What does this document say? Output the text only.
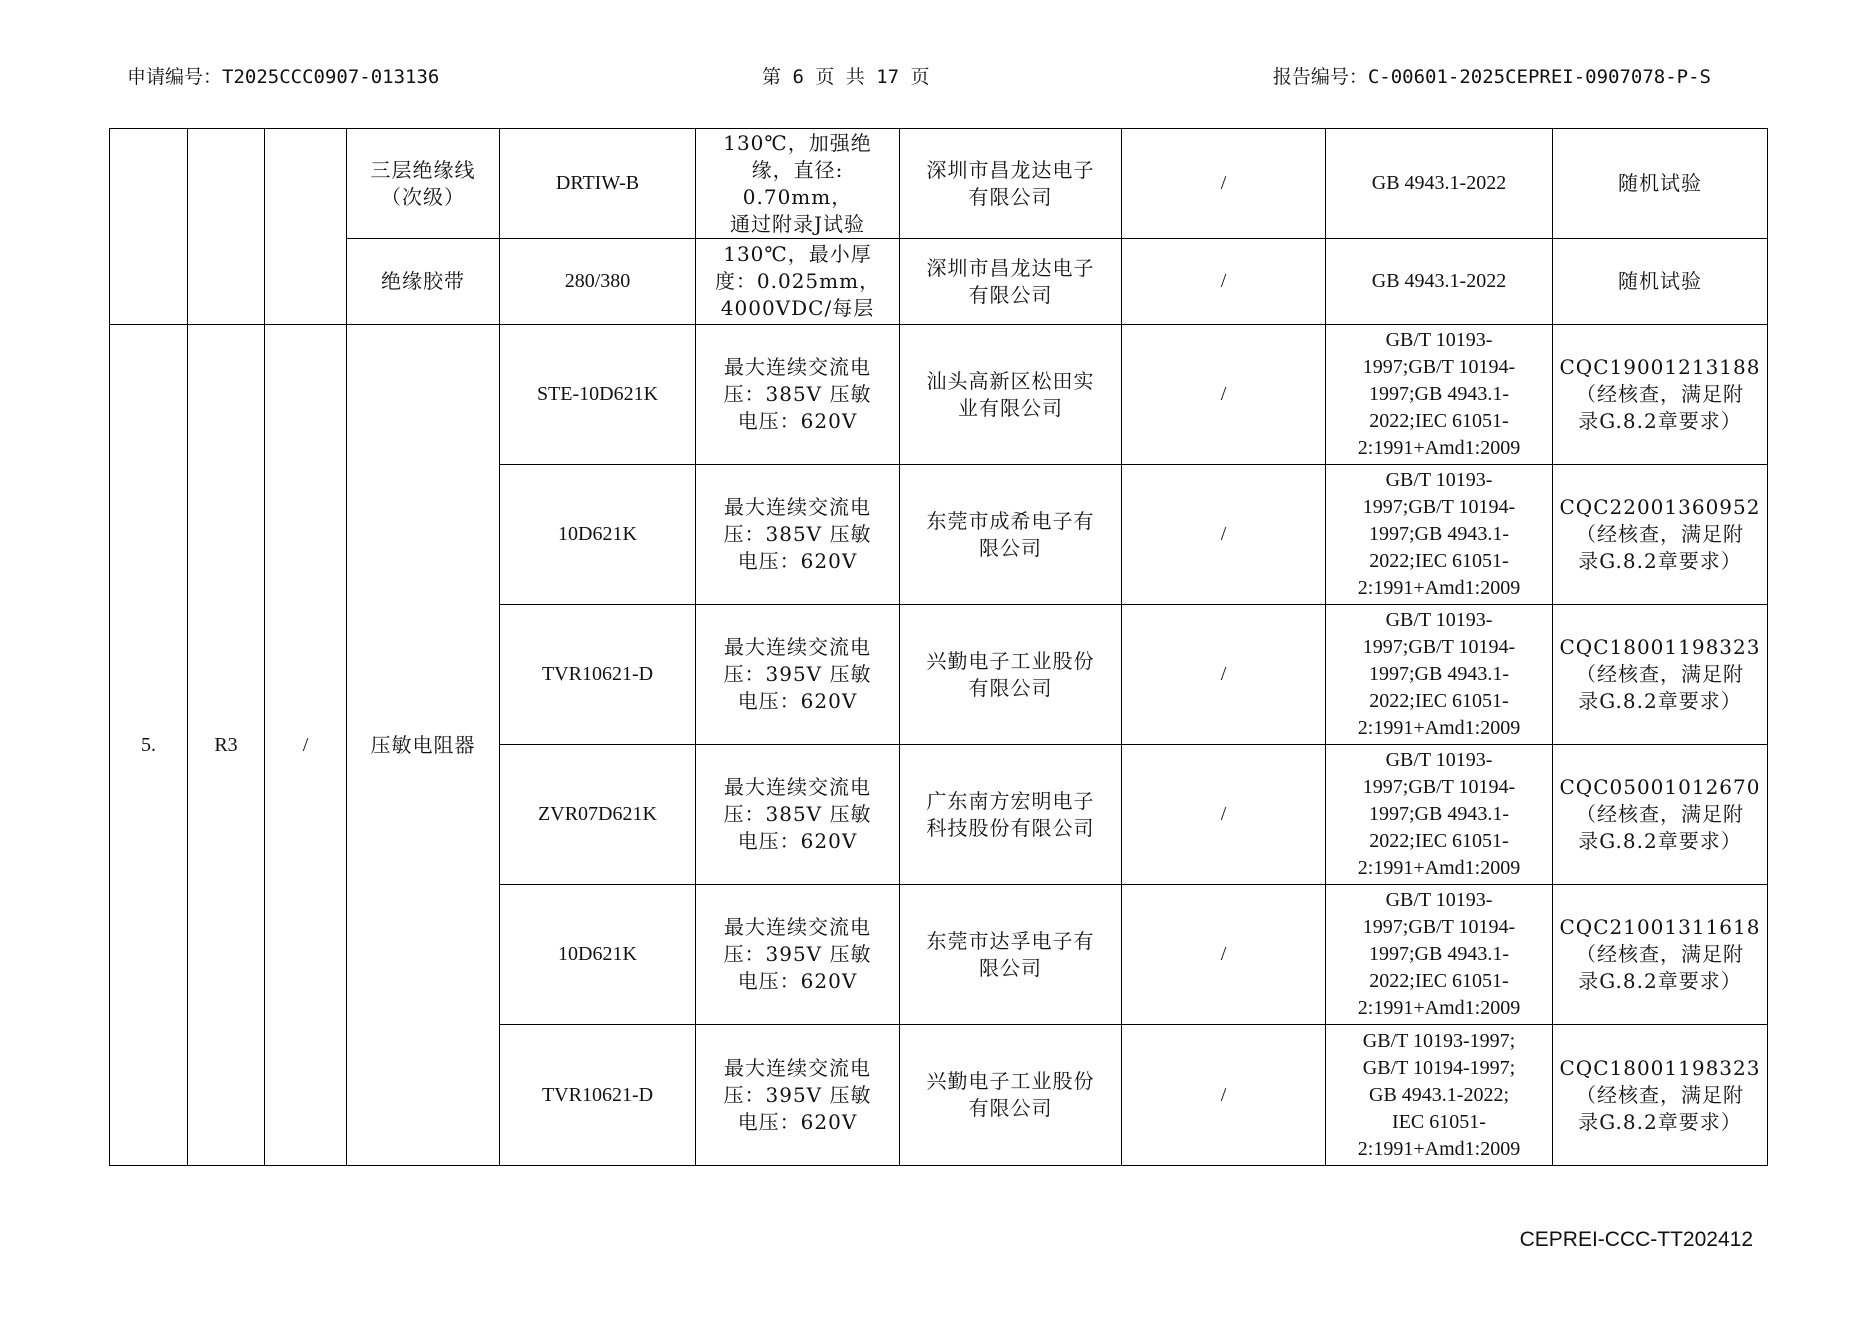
申请编号：T2025CCC0907-013136	第 6 页 共 17 页	报告编号：C-00601-2025CEPREI-0907078-P-S

			三层绝缘线
（次级）	DRTIW-B	130℃，加强绝
缘，直径:
0.70mm，
通过附录J试验	深圳市昌龙达电子
有限公司	/	GB 4943.1-2022	随机试验

			绝缘胶带	280/380	130℃，最小厚
度：0.025mm，
4000VDC/每层	深圳市昌龙达电子
有限公司	/	GB 4943.1-2022	随机试验
5.	R3	/	压敏电阻器	STE-10D621K	最大连续交流电
压：385V 压敏
电压：620V	汕头高新区松田实
业有限公司	/	GB/T 10193-
1997;GB/T 10194-
1997;GB 4943.1-
2022;IEC 61051-
2:1991+Amd1:2009	CQC19001213188
（经核查，满足附
录G.8.2章要求）

				10D621K	最大连续交流电
压：385V 压敏
电压：620V	东莞市成希电子有
限公司	/	GB/T 10193-
1997;GB/T 10194-
1997;GB 4943.1-
2022;IEC 61051-
2:1991+Amd1:2009	CQC22001360952
（经核查，满足附
录G.8.2章要求）

				TVR10621-D	最大连续交流电
压：395V 压敏
电压：620V	兴勤电子工业股份
有限公司	/	GB/T 10193-
1997;GB/T 10194-
1997;GB 4943.1-
2022;IEC 61051-
2:1991+Amd1:2009	CQC18001198323
（经核查，满足附
录G.8.2章要求）

				ZVR07D621K	最大连续交流电
压：385V 压敏
电压：620V	广东南方宏明电子
科技股份有限公司	/	GB/T 10193-
1997;GB/T 10194-
1997;GB 4943.1-
2022;IEC 61051-
2:1991+Amd1:2009	CQC05001012670
（经核查，满足附
录G.8.2章要求）

				10D621K	最大连续交流电
压：395V 压敏
电压：620V	东莞市达孚电子有
限公司	/	GB/T 10193-
1997;GB/T 10194-
1997;GB 4943.1-
2022;IEC 61051-
2:1991+Amd1:2009	CQC21001311618
（经核查，满足附
录G.8.2章要求）

				TVR10621-D	最大连续交流电
压：395V 压敏
电压：620V	兴勤电子工业股份
有限公司	/	GB/T 10193-1997;
GB/T 10194-1997;
GB 4943.1-2022;
IEC 61051-
2:1991+Amd1:2009	CQC18001198323
（经核查，满足附
录G.8.2章要求）
CEPREI-CCC-TT202412
